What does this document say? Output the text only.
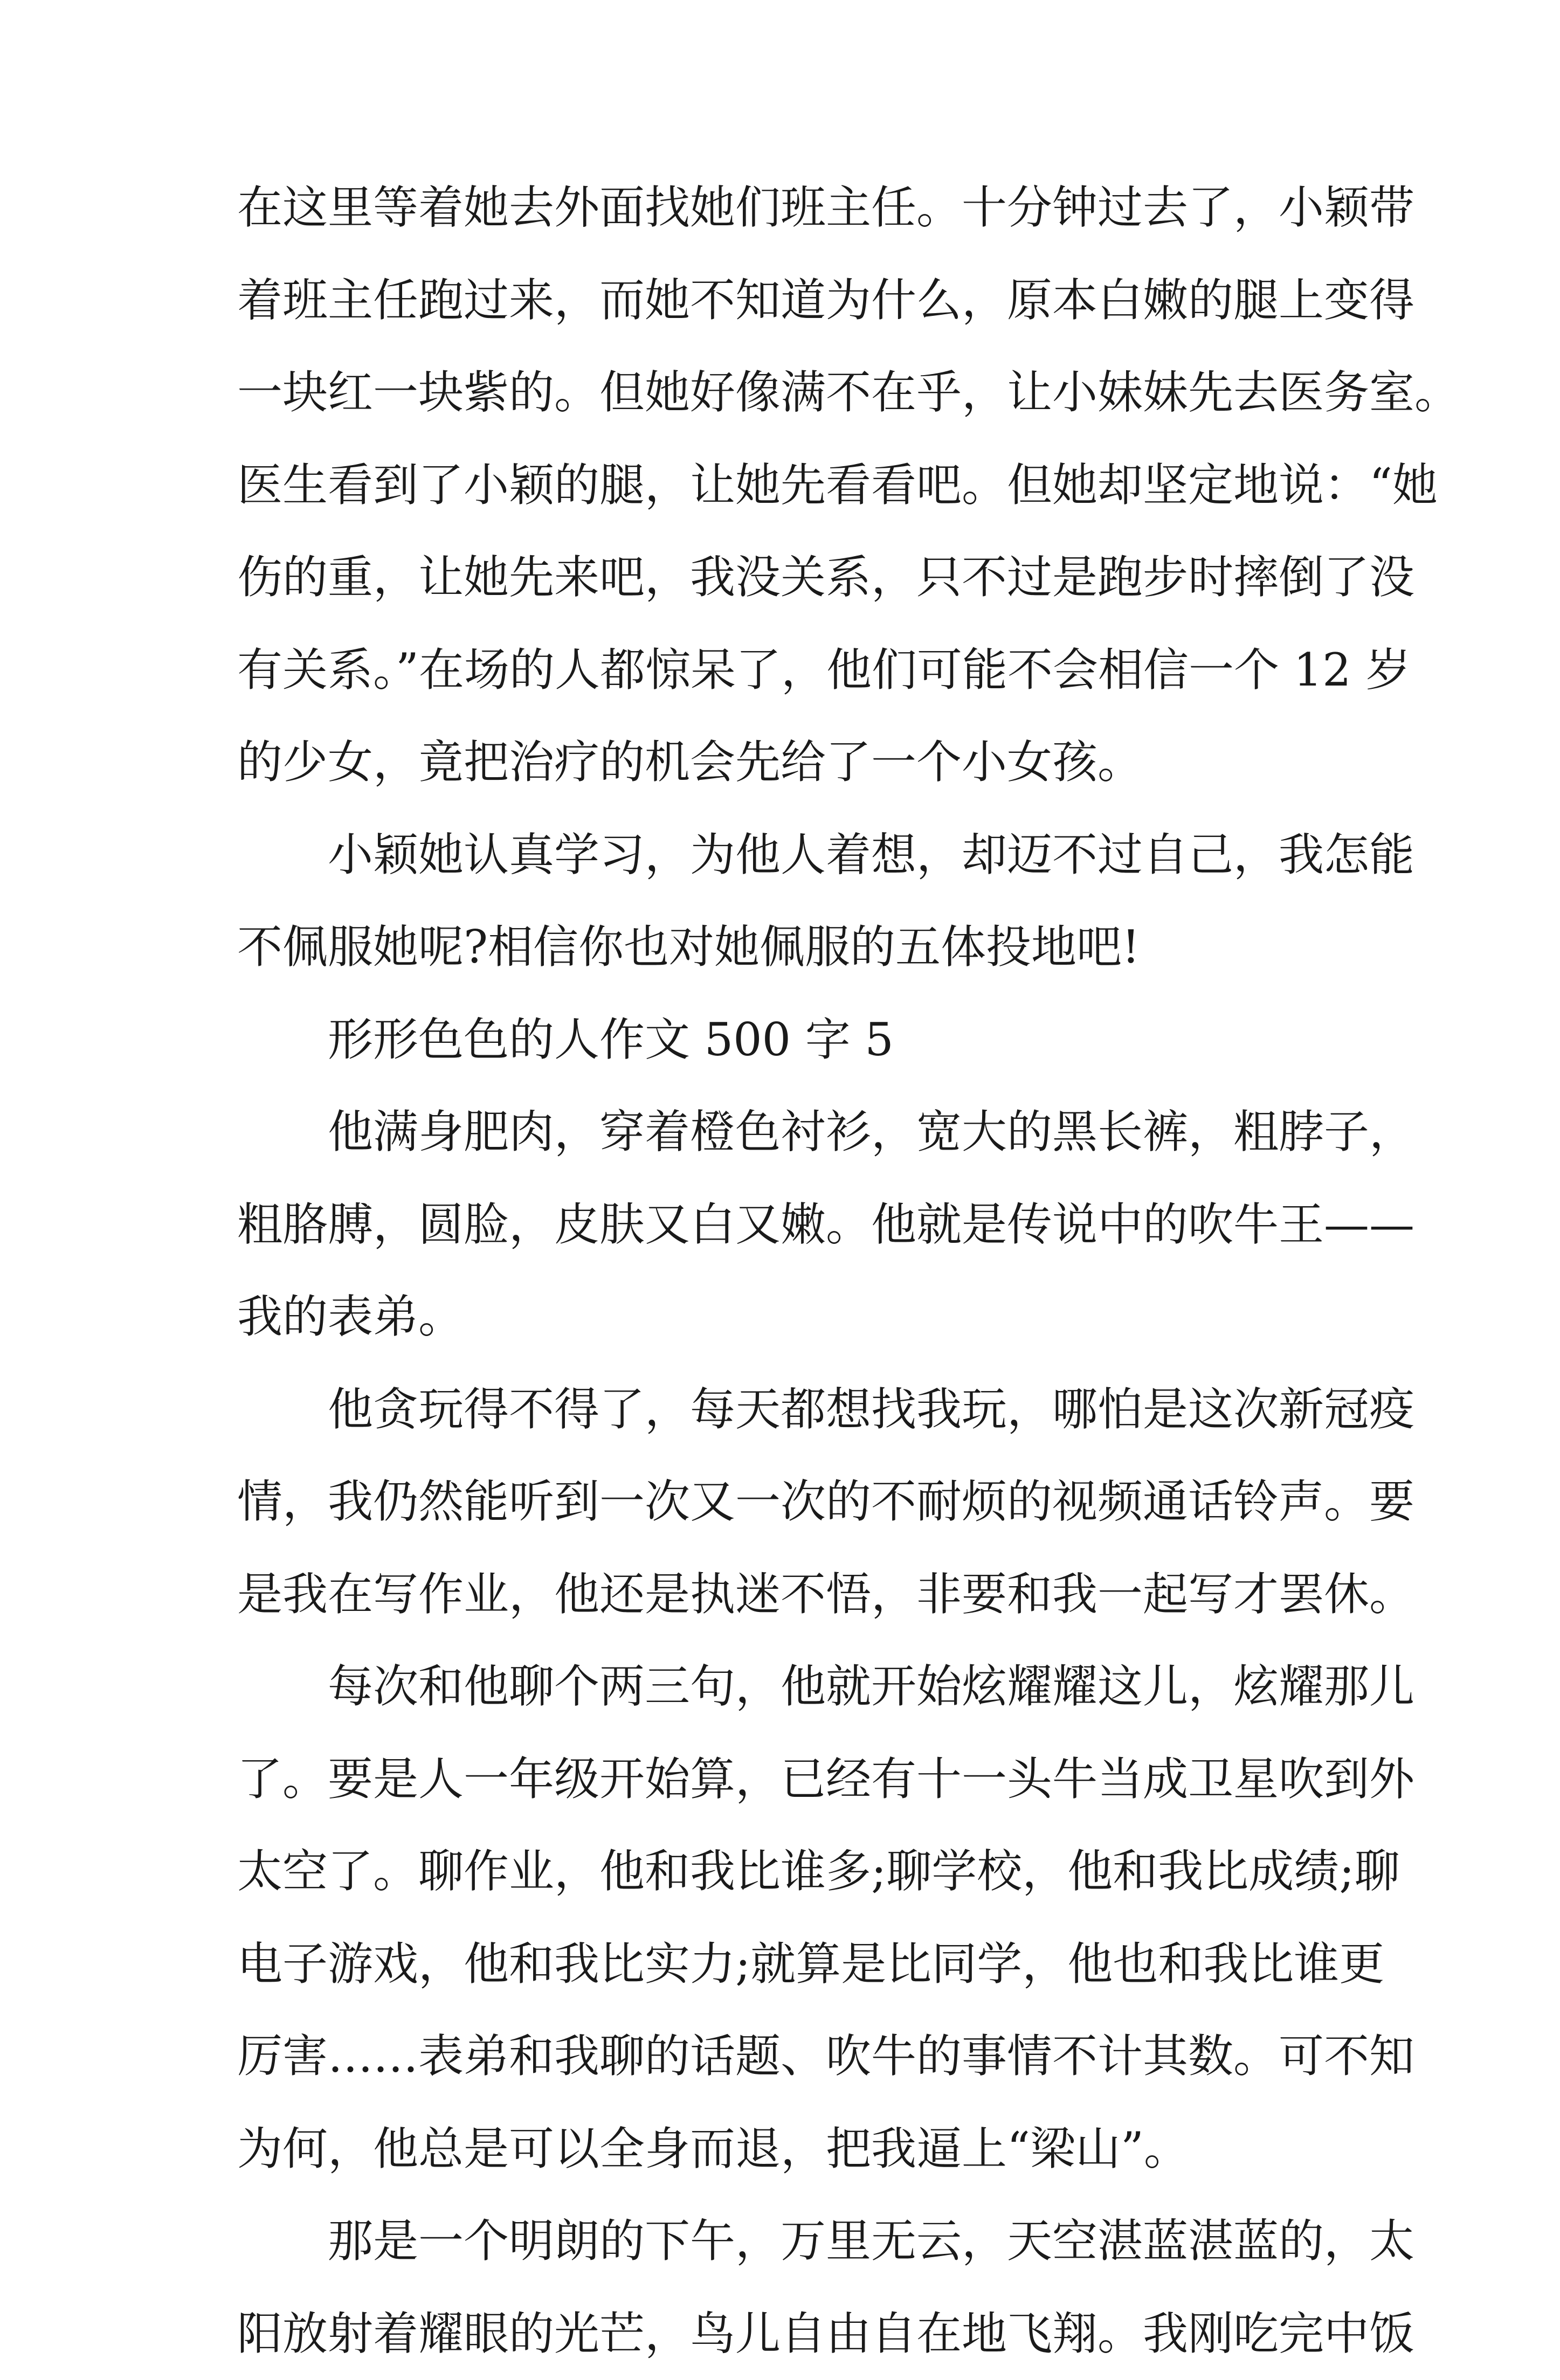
在这里等着她去外面找她们班主任。十分钟过去了，小颖带
着班主任跑过来，而她不知道为什么，原本白嫩的腿上变得
一块红一块紫的。但她好像满不在乎，让小妹妹先去医务室。
医生看到了小颖的腿，让她先看看吧。但她却坚定地说：“她
伤的重，让她先来吧，我没关系，只不过是跑步时摔倒了没
有关系。”在场的人都惊呆了，他们可能不会相信一个 12 岁
的少女，竟把治疗的机会先给了一个小女孩。
小颖她认真学习，为他人着想，却迈不过自己，我怎能
不佩服她呢?相信你也对她佩服的五体投地吧!
形形色色的人作文 500 字 5
他满身肥肉，穿着橙色衬衫，宽大的黑长裤，粗脖子，
粗胳膊，圆脸，皮肤又白又嫩。他就是传说中的吹牛王——
我的表弟。
他贪玩得不得了，每天都想找我玩，哪怕是这次新冠疫
情，我仍然能听到一次又一次的不耐烦的视频通话铃声。要
是我在写作业，他还是执迷不悟，非要和我一起写才罢休。
每次和他聊个两三句，他就开始炫耀耀这儿，炫耀那儿
了。要是人一年级开始算，已经有十一头牛当成卫星吹到外
太空了。聊作业，他和我比谁多;聊学校，他和我比成绩;聊
电子游戏，他和我比实力;就算是比同学，他也和我比谁更
厉害……表弟和我聊的话题、吹牛的事情不计其数。可不知
为何，他总是可以全身而退，把我逼上“梁山”。
那是一个明朗的下午，万里无云，天空湛蓝湛蓝的，太
阳放射着耀眼的光芒，鸟儿自由自在地飞翔。我刚吃完中饭
